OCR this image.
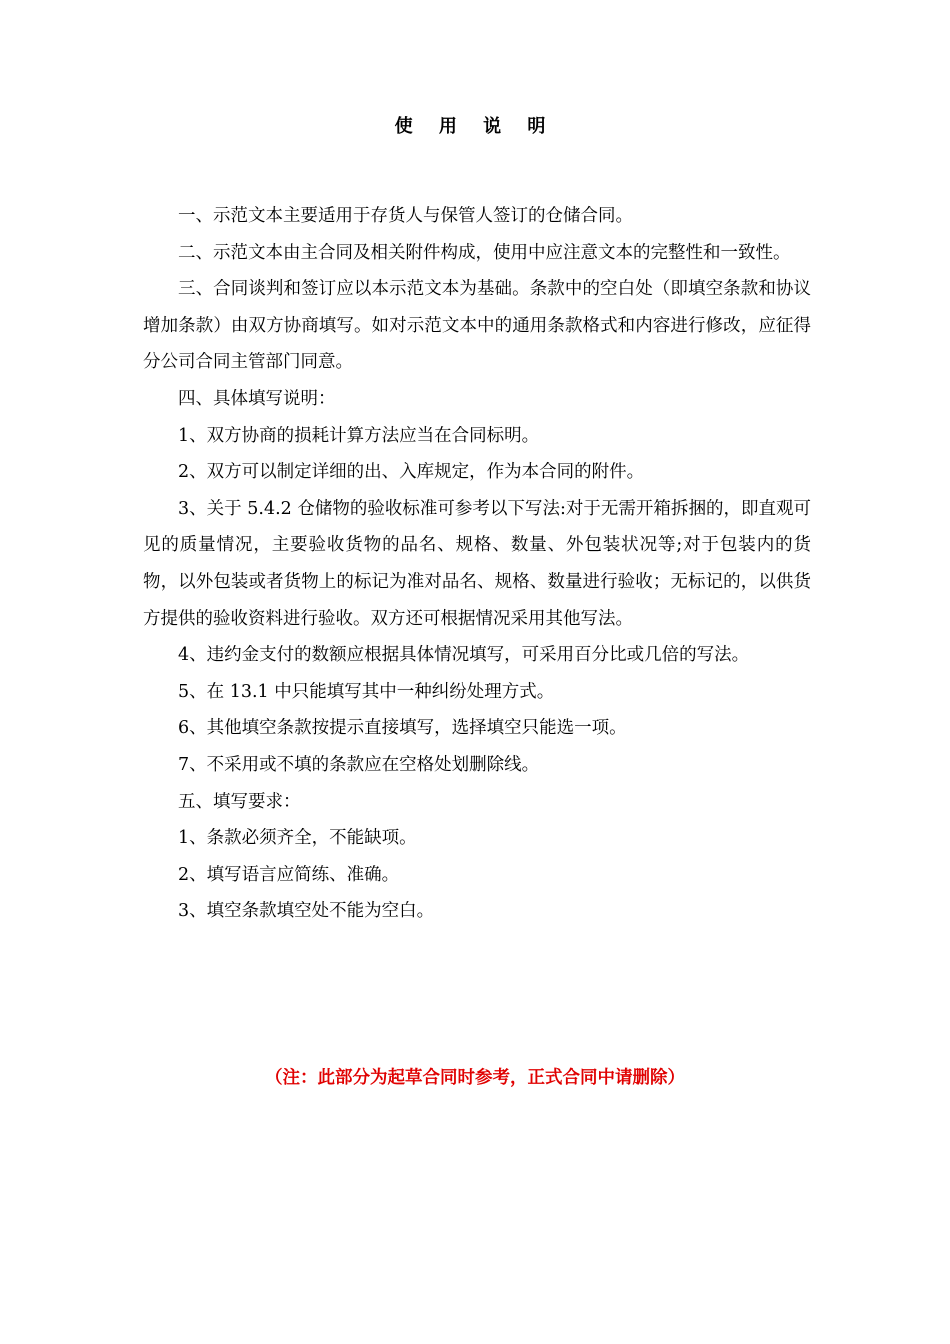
使 用 说 明

一、示范文本主要适用于存货人与保管人签订的仓储合同。

二、示范文本由主合同及相关附件构成，使用中应注意文本的完整性和一致性。

三、合同谈判和签订应以本示范文本为基础。条款中的空白处（即填空条款和协议增加条款）由双方协商填写。如对示范文本中的通用条款格式和内容进行修改，应征得分公司合同主管部门同意。

四、具体填写说明：

1、双方协商的损耗计算方法应当在合同标明。

2、双方可以制定详细的出、入库规定，作为本合同的附件。

3、关于 5.4.2 仓储物的验收标准可参考以下写法:对于无需开箱拆捆的，即直观可见的质量情况，主要验收货物的品名、规格、数量、外包装状况等;对于包装内的货物，以外包装或者货物上的标记为准对品名、规格、数量进行验收；无标记的，以供货方提供的验收资料进行验收。双方还可根据情况采用其他写法。

4、违约金支付的数额应根据具体情况填写，可采用百分比或几倍的写法。

5、在 13.1 中只能填写其中一种纠纷处理方式。

6、其他填空条款按提示直接填写，选择填空只能选一项。

7、不采用或不填的条款应在空格处划删除线。

五、填写要求：

1、条款必须齐全，不能缺项。

2、填写语言应简练、准确。

3、填空条款填空处不能为空白。

（注：此部分为起草合同时参考，正式合同中请删除）
